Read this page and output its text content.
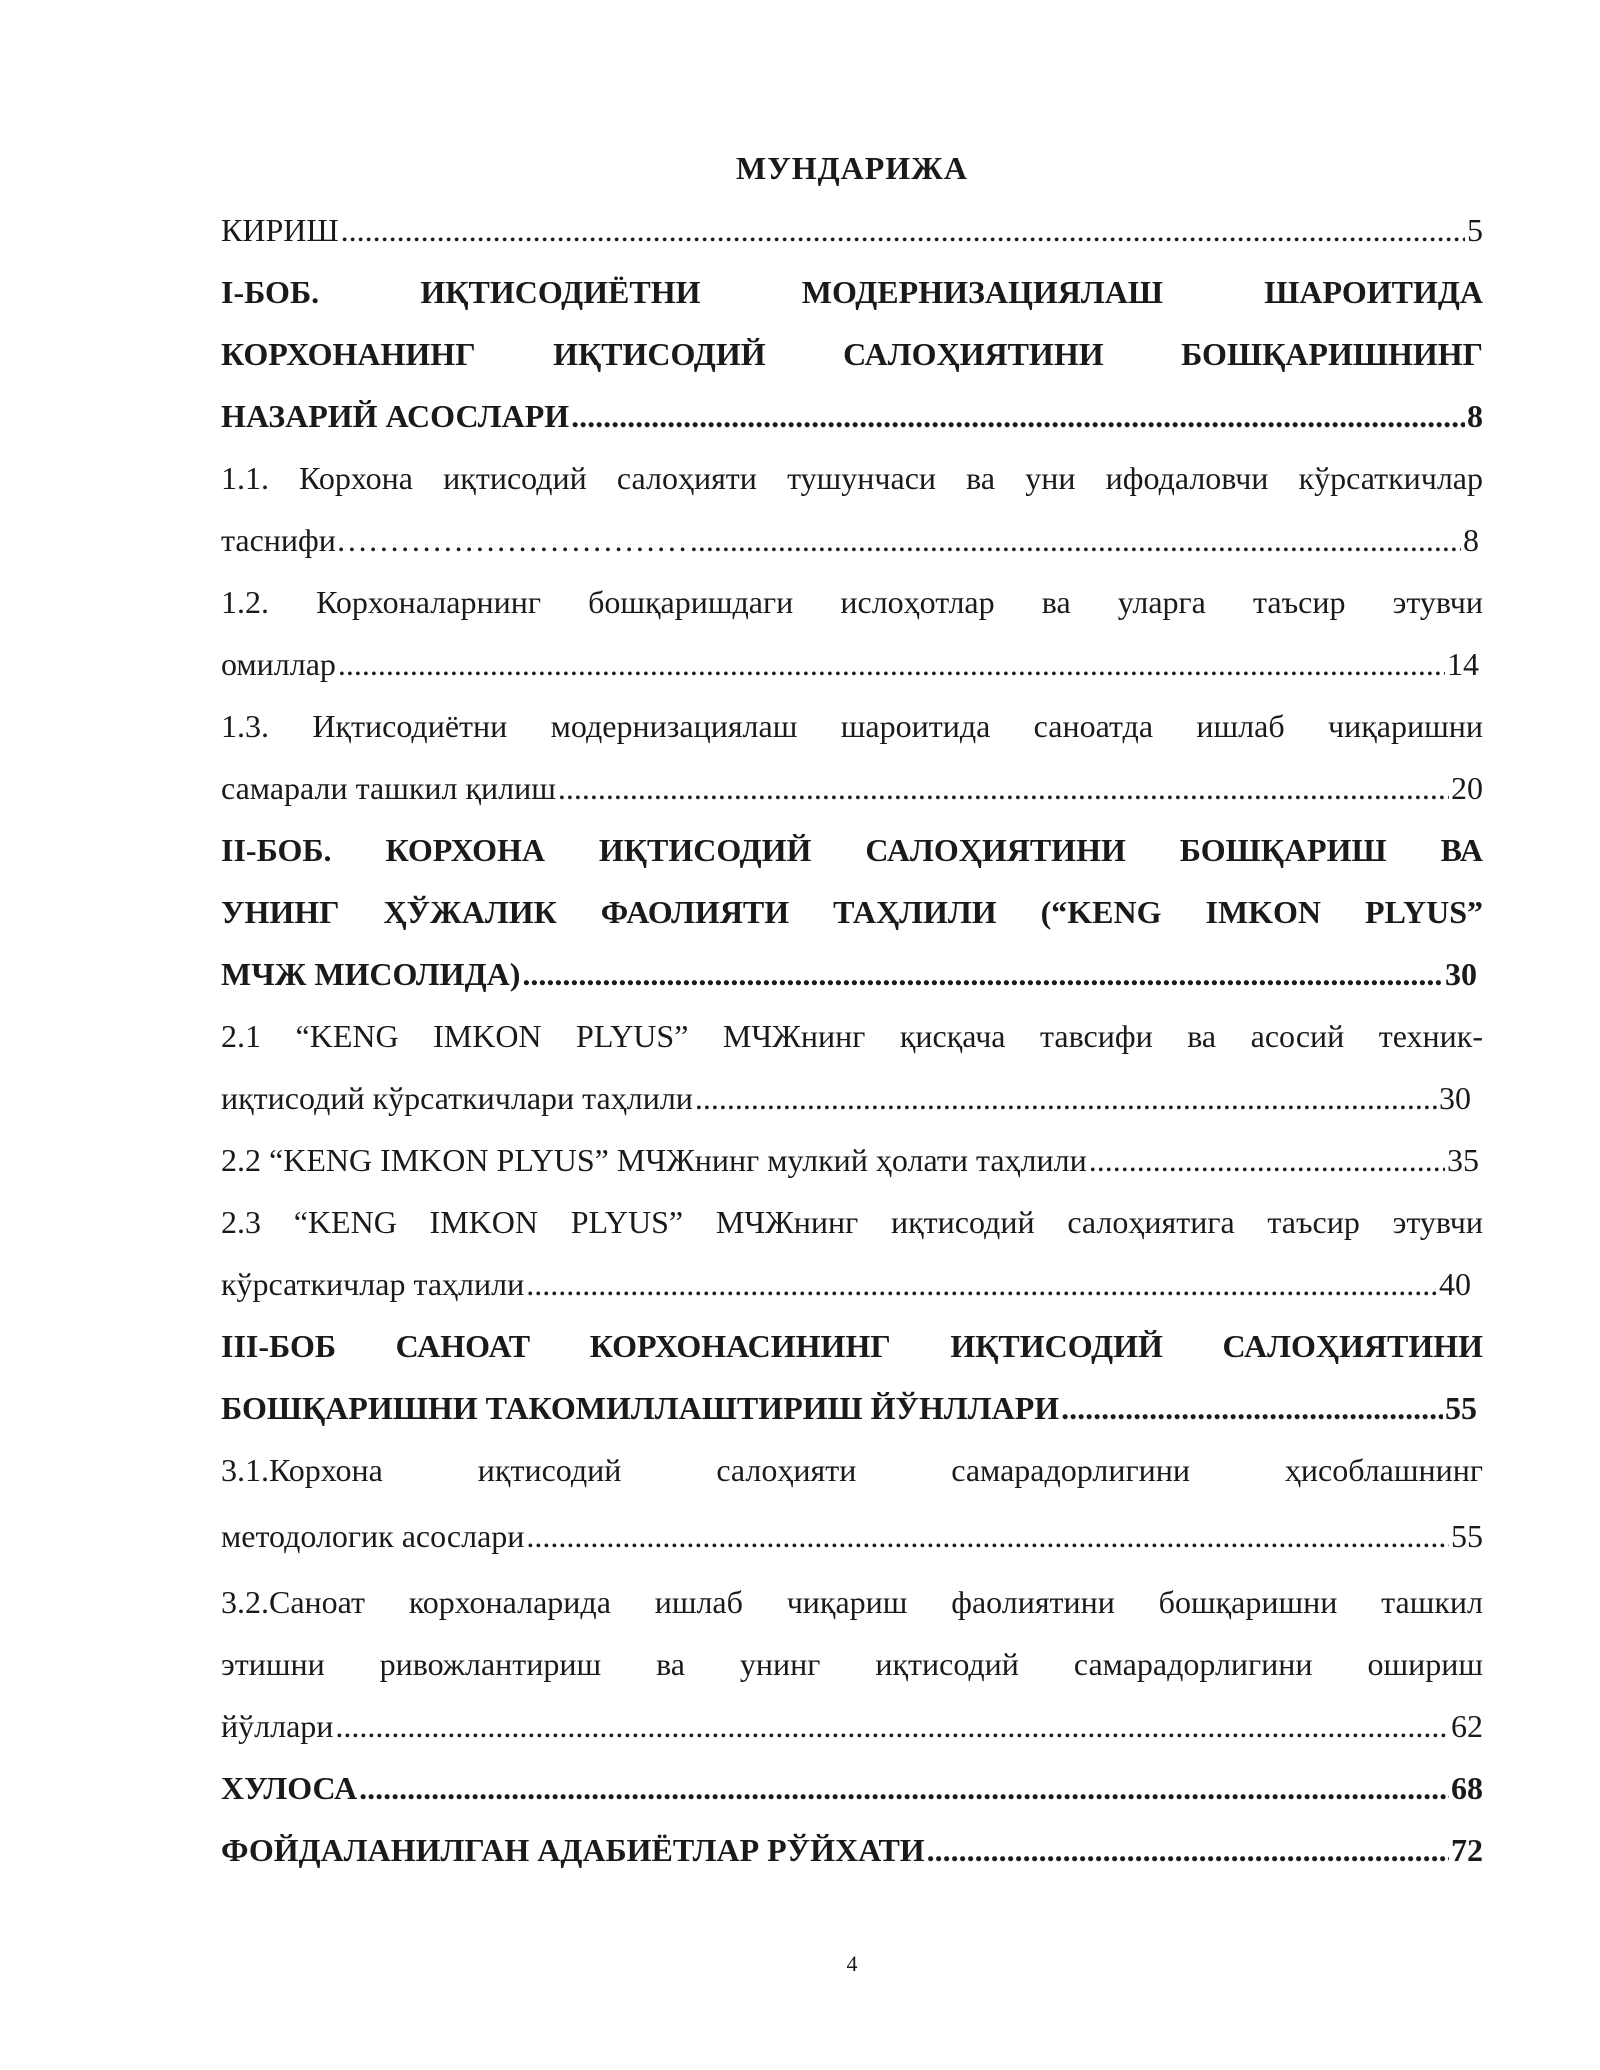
МУНДАРИЖА
КИРИШ .....	5
I-БОБ. ИҚТИСОДИЁТНИ МОДЕРНИЗАЦИЯЛАШ ШАРОИТИДА
КОРХОНАНИНГ ИҚТИСОДИЙ САЛОҲИЯТИНИ БОШҚАРИШНИНГ
НАЗАРИЙ АСОСЛАРИ .....	8
1.1. Корхона иқтисодий салоҳияти тушунчаси ва уни ифодаловчи кўрсаткичлар
таснифи…………………………… .....	8
1.2. Корхоналарнинг бошқаришдаги ислоҳотлар ва уларга таъсир этувчи
омиллар .....	14
1.3. Иқтисодиётни модернизациялаш шароитида саноатда ишлаб чиқаришни
самарали ташкил қилиш .....	20
II-БОБ. КОРХОНА ИҚТИСОДИЙ САЛОҲИЯТИНИ БОШҚАРИШ ВА
УНИНГ ҲЎЖАЛИК ФАОЛИЯТИ ТАҲЛИЛИ (“KENG IMKON PLYUS”
МЧЖ МИСОЛИДА) .....	30
2.1 “KENG IMKON PLYUS” МЧЖнинг қисқача тавсифи ва асосий техник-
иқтисодий кўрсаткичлари таҳлили .....	30
2.2 “KENG IMKON PLYUS” МЧЖнинг мулкий ҳолати таҳлили .....	35
2.3 “KENG IMKON PLYUS” МЧЖнинг иқтисодий салоҳиятига таъсир этувчи
кўрсаткичлар таҳлили .....	40
III-БОБ САНОАТ КОРХОНАСИНИНГ ИҚТИСОДИЙ САЛОҲИЯТИНИ
БОШҚАРИШНИ ТАКОМИЛЛАШТИРИШ ЙЎНЛЛАРИ .....	55
3.1.Корхона иқтисодий салоҳияти самарадорлигини ҳисоблашнинг
методологик асослари .....	55
3.2.Саноат корхоналарида ишлаб чиқариш фаолиятини бошқаришни ташкил
этишни ривожлантириш ва унинг иқтисодий самарадорлигини ошириш
йўллари .....	62
ХУЛОСА .....	68
ФОЙДАЛАНИЛГАН АДАБИЁТЛАР РЎЙХАТИ .....	72
4
